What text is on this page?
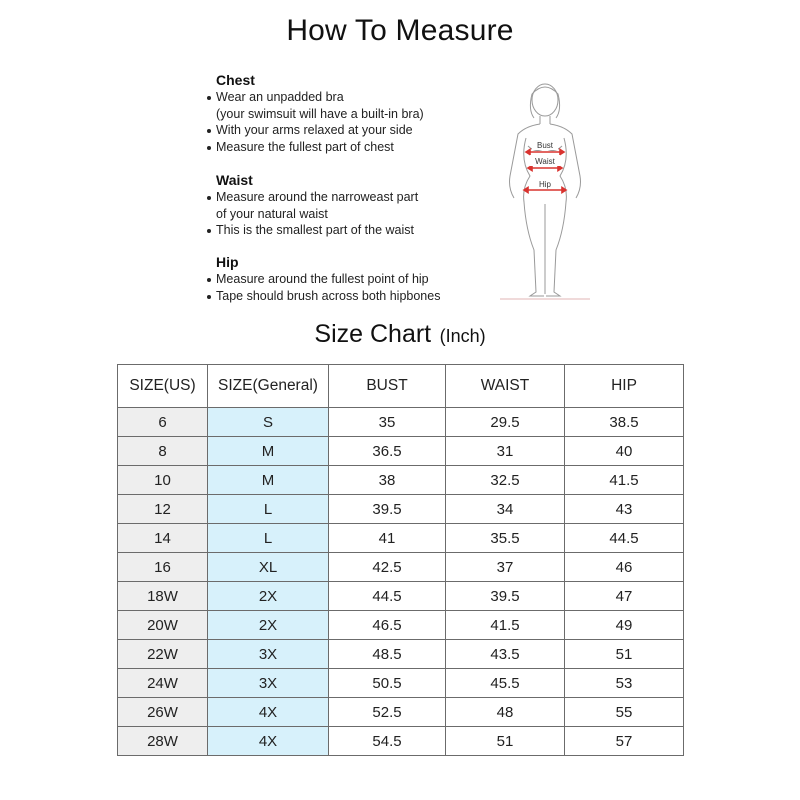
How To Measure
Chest
Wear an unpadded bra
(your swimsuit will have a built-in bra)
With your arms relaxed at your side
Measure the fullest part of chest
Waist
Measure around the narroweast part
of your natural waist
This is the smallest part of the waist
Hip
Measure around the fullest point of hip
Tape should brush across both hipbones
Bust
Waist
Hip
Size Chart (Inch)
SIZE(US)	SIZE(General)	BUST	WAIST	HIP
6	S	35	29.5	38.5
8	M	36.5	31	40
10	M	38	32.5	41.5
12	L	39.5	34	43
14	L	41	35.5	44.5
16	XL	42.5	37	46
18W	2X	44.5	39.5	47
20W	2X	46.5	41.5	49
22W	3X	48.5	43.5	51
24W	3X	50.5	45.5	53
26W	4X	52.5	48	55
28W	4X	54.5	51	57
